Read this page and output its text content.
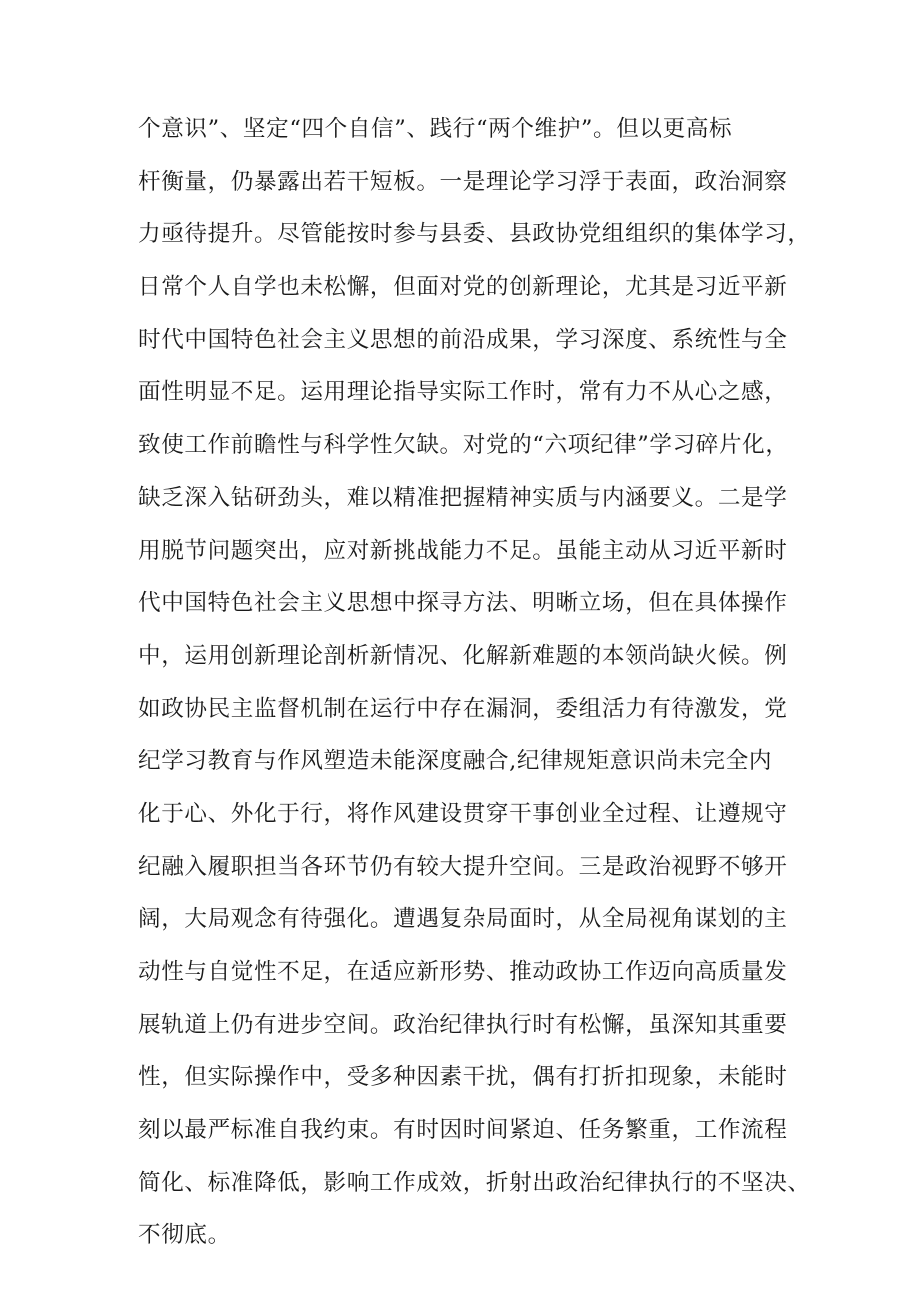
个意识”、坚定“四个自信”、践行“两个维护”。但以更高标
杆衡量，仍暴露出若干短板。一是理论学习浮于表面，政治洞察
力亟待提升。尽管能按时参与县委、县政协党组组织的集体学习，
日常个人自学也未松懈，但面对党的创新理论，尤其是习近平新
时代中国特色社会主义思想的前沿成果，学习深度、系统性与全
面性明显不足。运用理论指导实际工作时，常有力不从心之感，
致使工作前瞻性与科学性欠缺。对党的“六项纪律”学习碎片化，
缺乏深入钻研劲头，难以精准把握精神实质与内涵要义。二是学
用脱节问题突出，应对新挑战能力不足。虽能主动从习近平新时
代中国特色社会主义思想中探寻方法、明晰立场，但在具体操作
中，运用创新理论剖析新情况、化解新难题的本领尚缺火候。例
如政协民主监督机制在运行中存在漏洞，委组活力有待激发，党
纪学习教育与作风塑造未能深度融合,纪律规矩意识尚未完全内
化于心、外化于行，将作风建设贯穿干事创业全过程、让遵规守
纪融入履职担当各环节仍有较大提升空间。三是政治视野不够开
阔，大局观念有待强化。遭遇复杂局面时，从全局视角谋划的主
动性与自觉性不足，在适应新形势、推动政协工作迈向高质量发
展轨道上仍有进步空间。政治纪律执行时有松懈，虽深知其重要
性，但实际操作中，受多种因素干扰，偶有打折扣现象，未能时
刻以最严标准自我约束。有时因时间紧迫、任务繁重，工作流程
简化、标准降低，影响工作成效，折射出政治纪律执行的不坚决、
不彻底。
